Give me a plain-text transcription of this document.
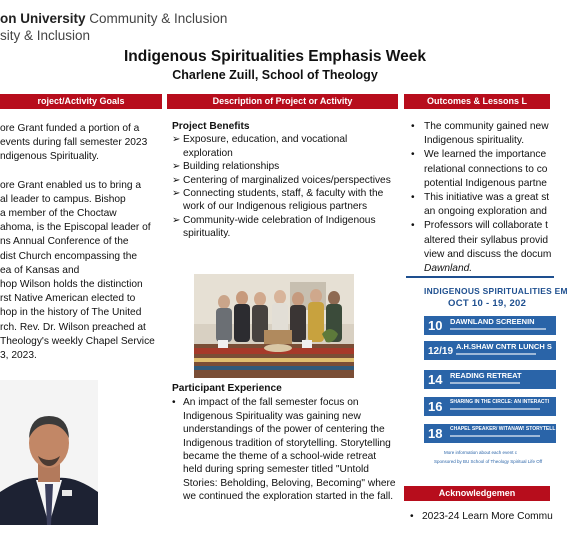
on University Community & Inclusion
sity & Inclusion
Indigenous Spiritualities Emphasis Week
Charlene Zuill, School of Theology
roject/Activity Goals	Description of Project or Activity	Outcomes & Lessons L

ore Grant funded a portion of a

events during fall semester 2023

ndigenous Spirituality.

ore Grant enabled us to bring a

al leader to campus. Bishop

a member of the Choctaw

ahoma, is the Episcopal leader of

ns Annual Conference of the

dist Church encompassing the

ea of Kansas and

hop Wilson holds the distinction

rst Native American elected to

hop in the history of The United

rch. Rev. Dr. Wilson preached at

Theology's weekly Chapel Service

3, 2023.

Project Benefits
➢ Exposure, education, and vocational exploration
➢ Building relationships
➢ Centering of marginalized voices/perspectives
➢ Connecting students, staff, & faculty with the work of our Indigenous religious partners
➢ Community-wide celebration of Indigenous spirituality.
Participant Experience
• An impact of the fall semester focus on Indigenous Spirituality was gaining new understandings of the power of centering the Indigenous tradition of storytelling. Storytelling became the theme of a school-wide retreat held during spring semester titled "Untold Stories: Beholding, Beloving, Becoming" where we continued the exploration started in the fall.
• The community gained new
Indigenous spirituality.
• We learned the importance
relational connections to co
potential Indigenous partne
• This initiative was a great st
an ongoing exploration and
• Professors will collaborate t
altered their syllabus provid
view and discuss the docum
Dawnland.
INDIGENOUS SPIRITUALITIES EM
OCT 10 - 19, 202
10 DAWNLAND SCREENIN
12/19 A.H.SHAW CNTR LUNCH S
14 READING RETREAT
16 SHARING IN THE CIRCLE: AN INTERACTI
18 CHAPEL SPEAKER/ WITANAW! STORYTELL
More information about each event c
Sponsored by BU School of Theology Spiritual Life Off
Acknowledgemen
• 2023-24 Learn More Commu
